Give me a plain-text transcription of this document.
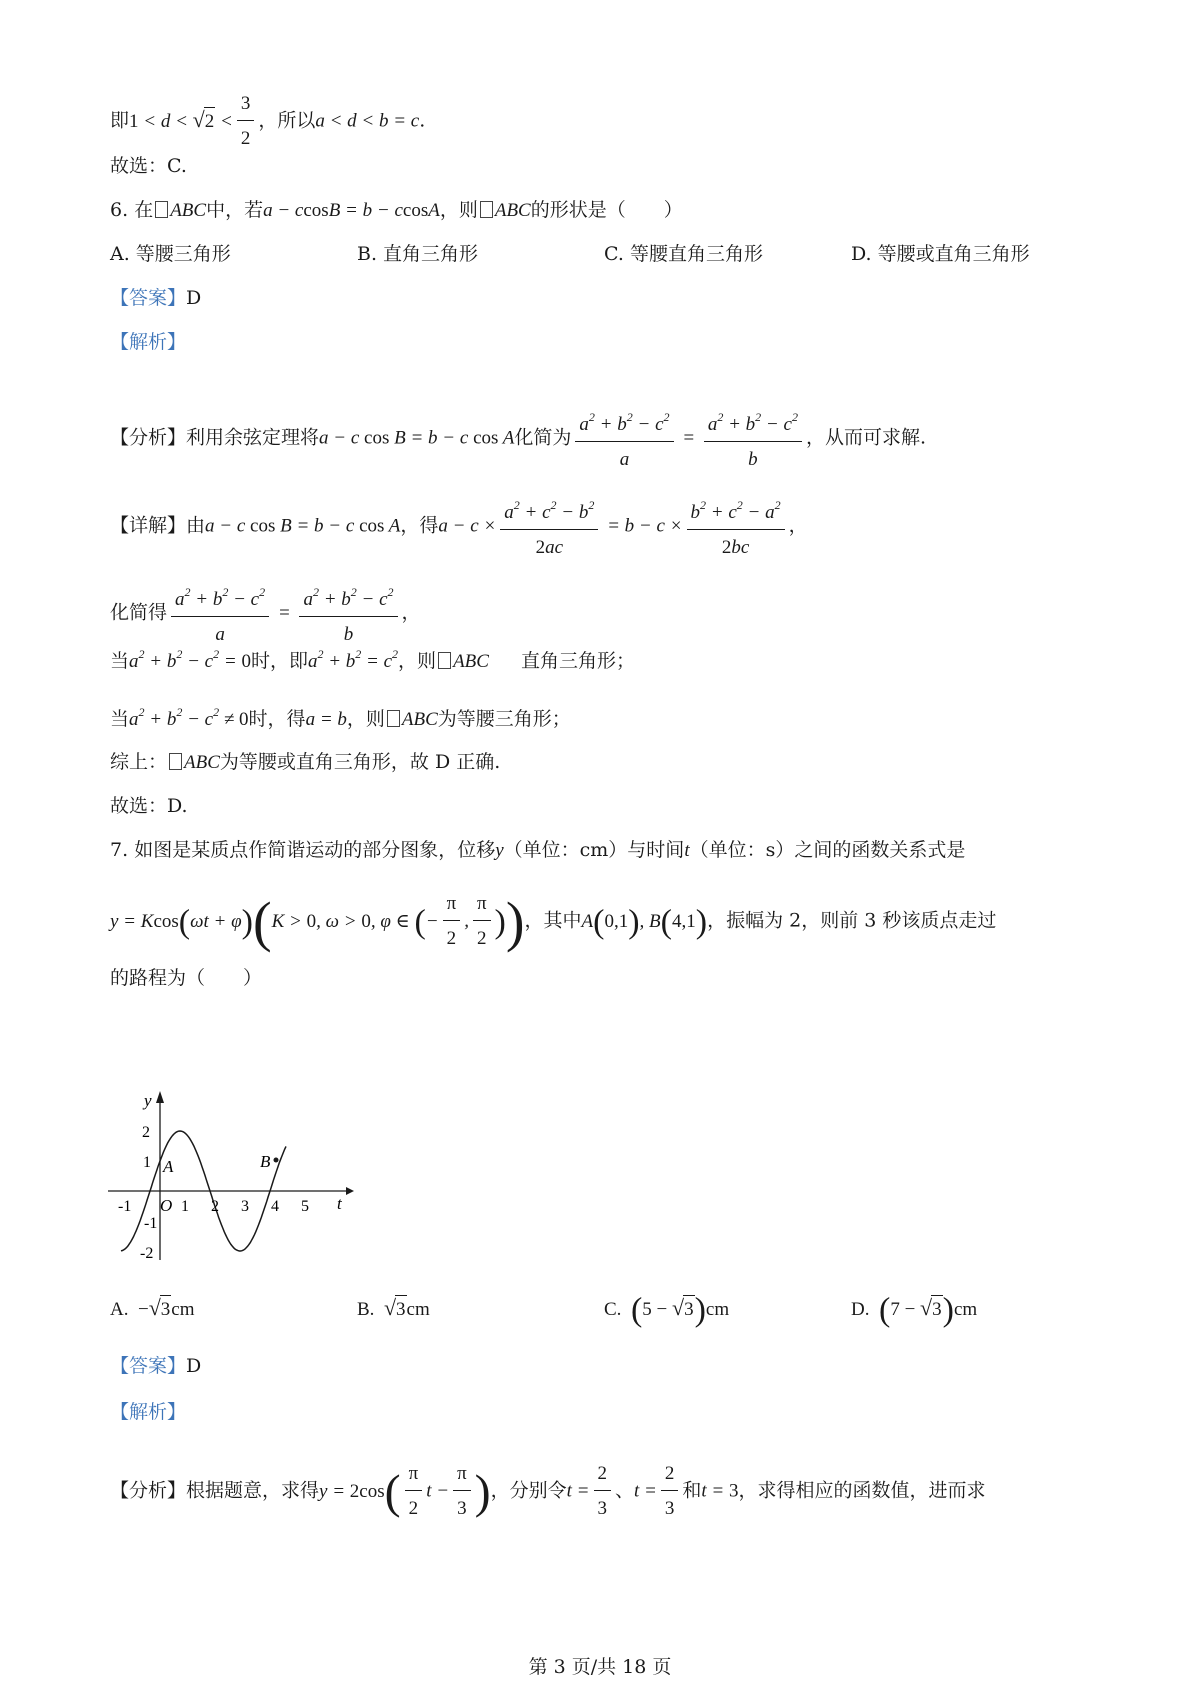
即$1 < d < √2 < \frac{3}{2}$ ，所以a < d < b = c.
故选：C.
6. 在 ABC中，若a − ccosB = b − ccosA，则 ABC的形状是（　　）
A. 等腰三角形	B. 直角三角形	C. 等腰直角三角形	D. 等腰或直角三角形
【答案】D
【解析】
【分析】利用余弦定理将a − c cos B = b − c cos A化简为 $\frac{a^2 + b^2 - c^2}{a} = \frac{a^2 + b^2 - c^2}{b}$ ，从而可求解.
【详解】由a − c cos B = b − c cos A，得$a - c \times \frac{a^2 + c^2 - b^2}{2ac} = b - c \times \frac{b^2 + c^2 - a^2}{2bc}$ ，
化简得 $\frac{a^2 + b^2 - c^2}{a} = \frac{a^2 + b^2 - c^2}{b}$ ，
当$a^2 + b^2 - c^2 = 0$时，即$a^2 + b^2 = c^2$，则 ABC 直角三角形；
当$a^2 + b^2 - c^2 \ne 0$时，得a = b，则 ABC为等腰三角形；
综上： ABC为等腰或直角三角形，故 D 正确.
故选：D.
7. 如图是某质点作简谐运动的部分图象，位移y（单位：cm）与时间t（单位：s）之间的函数关系式是
y = Kcos(ωt + φ)(K > 0, ω > 0, φ ∈ (− $\frac{\pi}{2}$ , $\frac{\pi}{2}$ ))，其中A(0,1), B(4,1)，振幅为 2，则前 3 秒该质点走过
的路程为（　　）
y
t
O
-1	1 2 3 4 5
2
1
-1
-2
A	B
A. −√3cm	B. √3cm	C. (5 − √3)cm	D. (7 − √3)cm
【答案】D
【解析】
【分析】根据题意，求得$y = 2\cos( \frac{\pi}{2}$ $t - \frac{\pi}{3}$ )，分别令$t = \frac{2}{3}$ 、$t = \frac{2}{3}$ 和t = 3，求得相应的函数值，进而求
第 3 页/共 18 页
